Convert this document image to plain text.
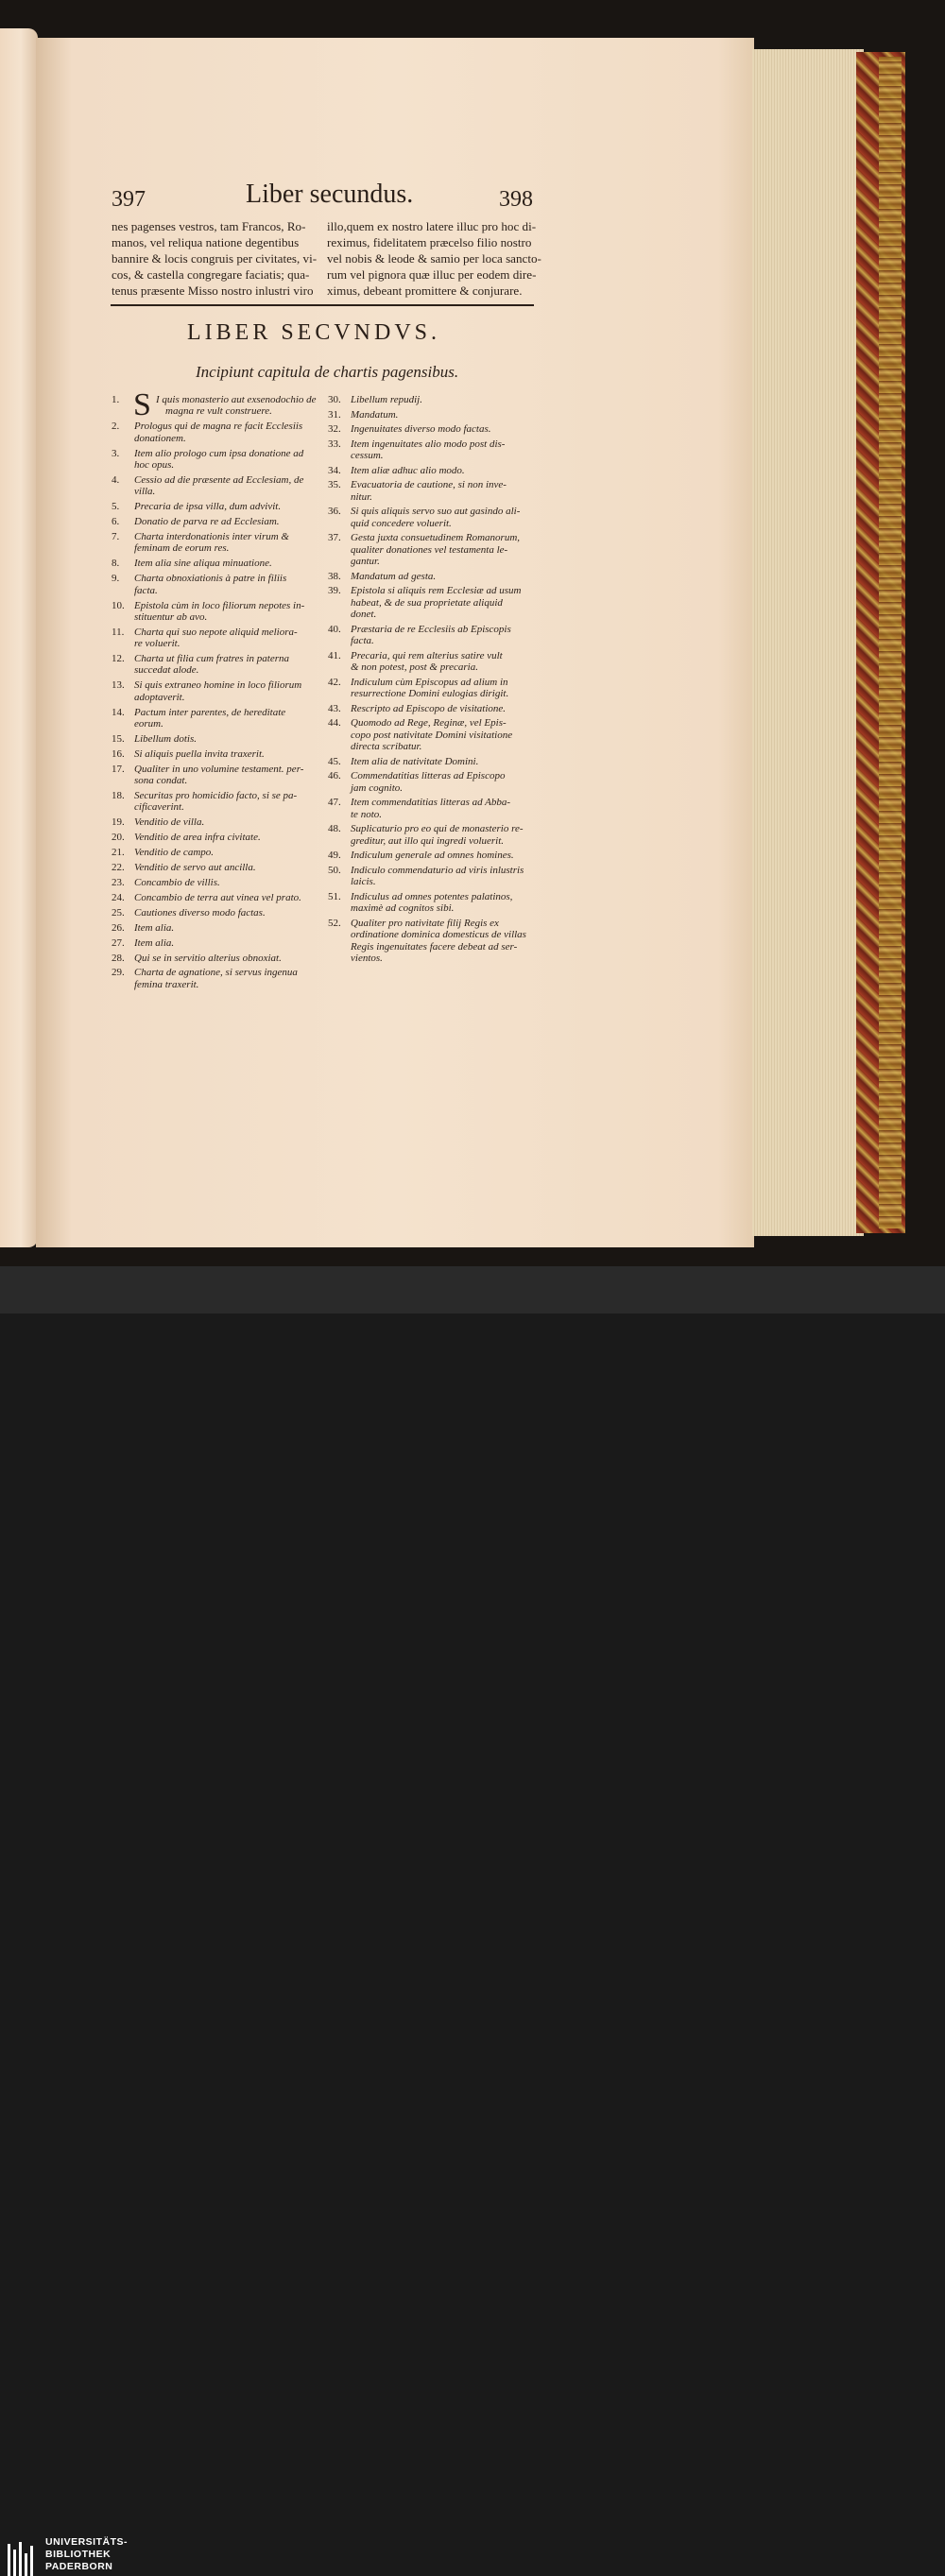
397	Liber secundus.	398
nes pagenses vestros, tam Francos, Ro-
manos, vel reliqua natione degentibus
bannire & locis congruis per civitates, vi-
cos, & castella congregare faciatis; qua-
tenus præsente Misso nostro inlustri viro
illo,quem ex nostro latere illuc pro hoc di-
reximus, fidelitatem præcelso filio nostro
vel nobis & leode & samio per loca sancto-
rum vel pignora quæ illuc per eodem dire-
ximus, debeant promittere & conjurare.
LIBER SECVNDVS.
Incipiunt capitula de chartis pagensibus.
S
1.	I quis monasterio aut exsenodochio de
magna re vult construere.
2. Prologus qui de magna re facit Ecclesiis
donationem.
3. Item alio prologo cum ipsa donatione ad
hoc opus.
4. Cessio ad die præsente ad Ecclesiam, de
villa.
5. Precaria de ipsa villa, dum advivit.
6. Donatio de parva re ad Ecclesiam.
7. Charta interdonationis inter virum &
feminam de eorum res.
8. Item alia sine aliqua minuatione.
9. Charta obnoxiationis à patre in filiis
facta.
10. Epistola cùm in loco filiorum nepotes in-
stituentur ab avo.
11. Charta qui suo nepote aliquid meliora-
re voluerit.
12. Charta ut filia cum fratres in paterna
succedat alode.
13. Si quis extraneo homine in loco filiorum
adoptaverit.
14. Pactum inter parentes, de hereditate
eorum.
15. Libellum dotis.
16. Si aliquis puella invita traxerit.
17. Qualiter in uno volumine testament. per-
sona condat.
18. Securitas pro homicidio facto, si se pa-
cificaverint.
19. Venditio de villa.
20. Venditio de area infra civitate.
21. Venditio de campo.
22. Venditio de servo aut ancilla.
23. Concambio de villis.
24. Concambio de terra aut vinea vel prato.
25. Cautiones diverso modo factas.
26. Item alia.
27. Item alia.
28. Qui se in servitio alterius obnoxiat.
29. Charta de agnatione, si servus ingenua
femina traxerit.
30. Libellum repudij.
31. Mandatum.
32. Ingenuitates diverso modo factas.
33. Item ingenuitates alio modo post dis-
cessum.
34. Item aliæ adhuc alio modo.
35. Evacuatoria de cautione, si non inve-
nitur.
36. Si quis aliquis servo suo aut gasindo ali-
quid concedere voluerit.
37. Gesta juxta consuetudinem Romanorum,
qualiter donationes vel testamenta le-
gantur.
38. Mandatum ad gesta.
39. Epistola si aliquis rem Ecclesiæ ad usum
habeat, & de sua proprietate aliquid
donet.
40. Præstaria de re Ecclesiis ab Episcopis
facta.
41. Precaria, qui rem alterius satire vult
& non potest, post & precaria.
42. Indiculum cùm Episcopus ad alium in
resurrectione Domini eulogias dirigit.
43. Rescripto ad Episcopo de visitatione.
44. Quomodo ad Rege, Reginæ, vel Epis-
copo post nativitate Domini visitatione
directa scribatur.
45. Item alia de nativitate Domini.
46. Commendatitias litteras ad Episcopo
jam cognito.
47. Item commendatitias litteras ad Abba-
te noto.
48. Suplicaturio pro eo qui de monasterio re-
greditur, aut illo qui ingredi voluerit.
49. Indiculum generale ad omnes homines.
50. Indiculo commendaturio ad viris inlustris
laicis.
51. Indiculus ad omnes potentes palatinos,
maximè ad cognitos sibi.
52. Qualiter pro nativitate filij Regis ex
ordinatione dominica domesticus de villas
Regis ingenuitates facere debeat ad ser-
vientos.
UNIVERSITÄTS-
BIBLIOTHEK
PADERBORN
